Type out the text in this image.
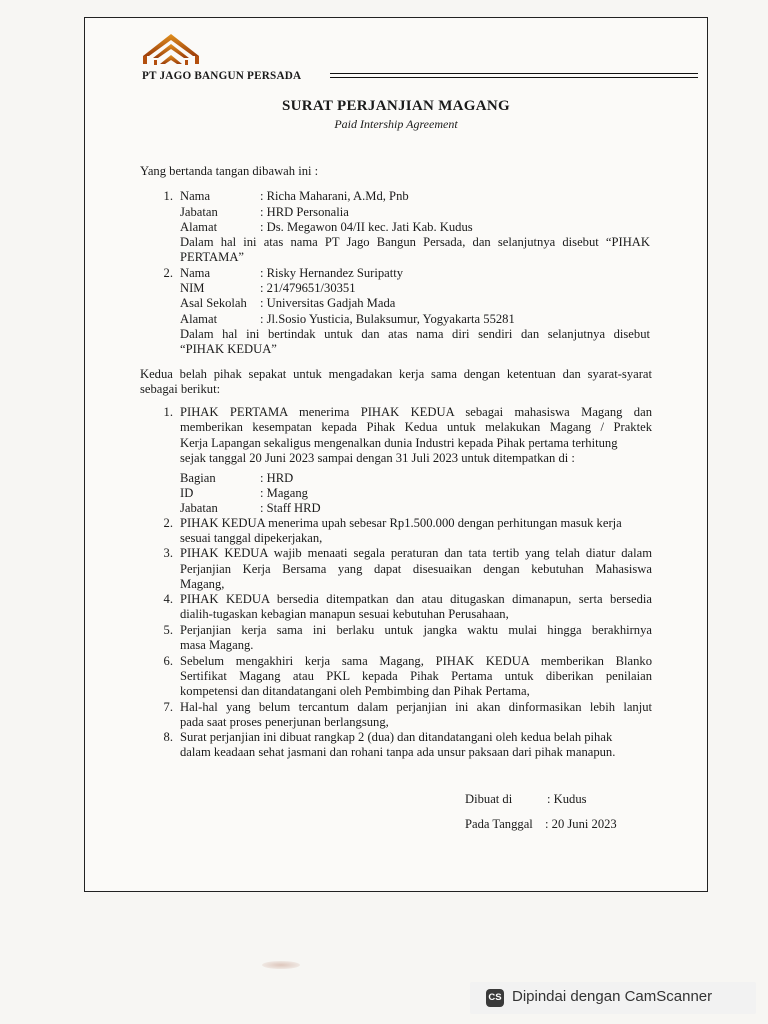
PT JAGO BANGUN PERSADA
SURAT PERJANJIAN MAGANG
Paid Intership Agreement
Yang bertanda tangan dibawah ini :
1. Nama	: Richa Maharani, A.Md, Pnb
Jabatan	: HRD Personalia
Alamat	: Ds. Megawon 04/II kec. Jati Kab. Kudus
Dalam hal ini atas nama PT Jago Bangun Persada, dan selanjutnya disebut “PIHAK
PERTAMA”
2. Nama	: Risky Hernandez Suripatty
NIM	: 21/479651/30351
Asal Sekolah : Universitas Gadjah Mada
Alamat	: Jl.Sosio Yusticia, Bulaksumur, Yogyakarta 55281
Dalam hal ini bertindak untuk dan atas nama diri sendiri dan selanjutnya disebut
“PIHAK KEDUA”
Kedua belah pihak sepakat untuk mengadakan kerja sama dengan ketentuan dan syarat-syarat
sebagai berikut:
1. PIHAK PERTAMA menerima PIHAK KEDUA sebagai mahasiswa Magang dan
memberikan kesempatan kepada Pihak Kedua untuk melakukan Magang / Praktek
Kerja Lapangan sekaligus mengenalkan dunia Industri kepada Pihak pertama terhitung
sejak tanggal 20 Juni 2023 sampai dengan 31 Juli 2023 untuk ditempatkan di :
Bagian	: HRD
ID	: Magang
Jabatan	: Staff HRD
2. PIHAK KEDUA menerima upah sebesar Rp1.500.000 dengan perhitungan masuk kerja
sesuai tanggal dipekerjakan,
3. PIHAK KEDUA wajib menaati segala peraturan dan tata tertib yang telah diatur dalam
Perjanjian Kerja Bersama yang dapat disesuaikan dengan kebutuhan Mahasiswa
Magang,
4. PIHAK KEDUA bersedia ditempatkan dan atau ditugaskan dimanapun, serta bersedia
dialih-tugaskan kebagian manapun sesuai kebutuhan Perusahaan,
5. Perjanjian kerja sama ini berlaku untuk jangka waktu mulai hingga berakhirnya
masa Magang.
6. Sebelum mengakhiri kerja sama Magang, PIHAK KEDUA memberikan Blanko
Sertifikat Magang atau PKL kepada Pihak Pertama untuk diberikan penilaian
kompetensi dan ditandatangani oleh Pembimbing dan Pihak Pertama,
7. Hal-hal yang belum tercantum dalam perjanjian ini akan dinformasikan lebih lanjut
pada saat proses penerjunan berlangsung,
8. Surat perjanjian ini dibuat rangkap 2 (dua) dan ditandatangani oleh kedua belah pihak
dalam keadaan sehat jasmani dan rohani tanpa ada unsur paksaan dari pihak manapun.
Dibuat di	: Kudus
Pada Tanggal : 20 Juni 2023
CS Dipindai dengan CamScanner
